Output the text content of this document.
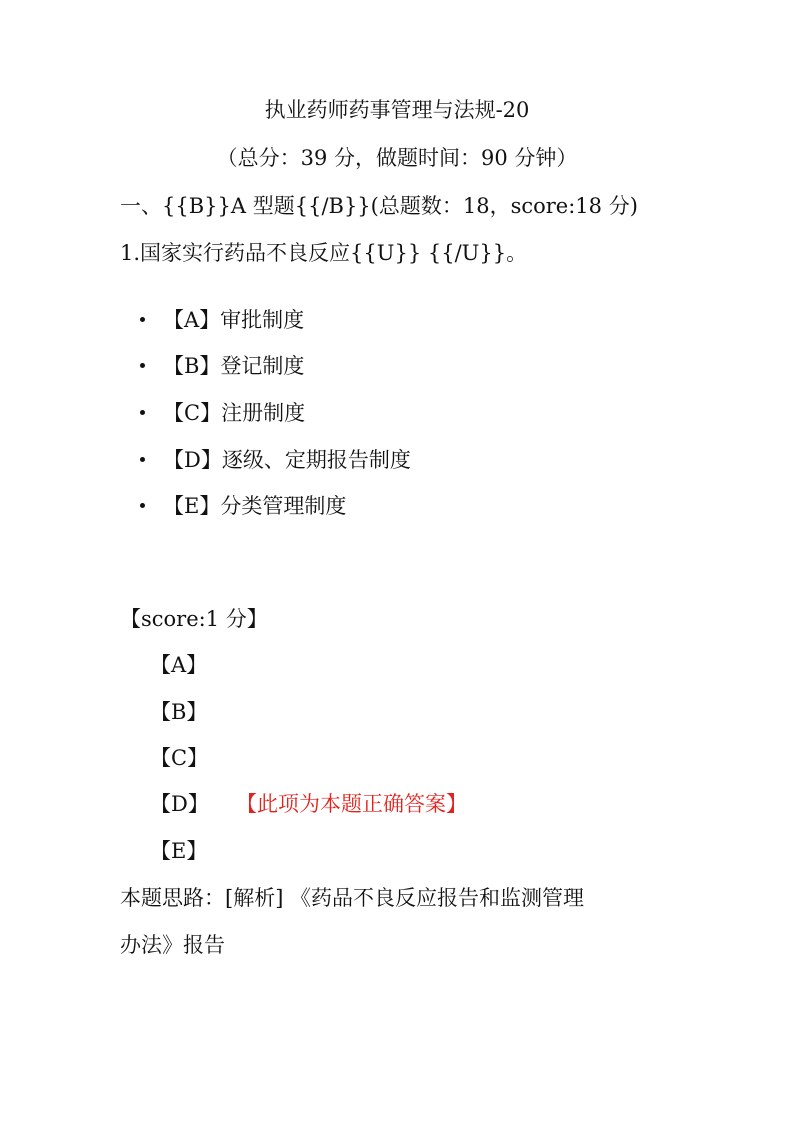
执业药师药事管理与法规-20
（总分：39 分，做题时间：90 分钟）
一、{{B}}A 型题{{/B}}(总题数：18，score:18 分)
1.国家实行药品不良反应{{U}} {{/U}}。
【A】审批制度
【B】登记制度
【C】注册制度
【D】逐级、定期报告制度
【E】分类管理制度
【score:1 分】
【A】
【B】
【C】
【D】 【此项为本题正确答案】
【E】
本题思路：[解析] 《药品不良反应报告和监测管理
办法》报告
